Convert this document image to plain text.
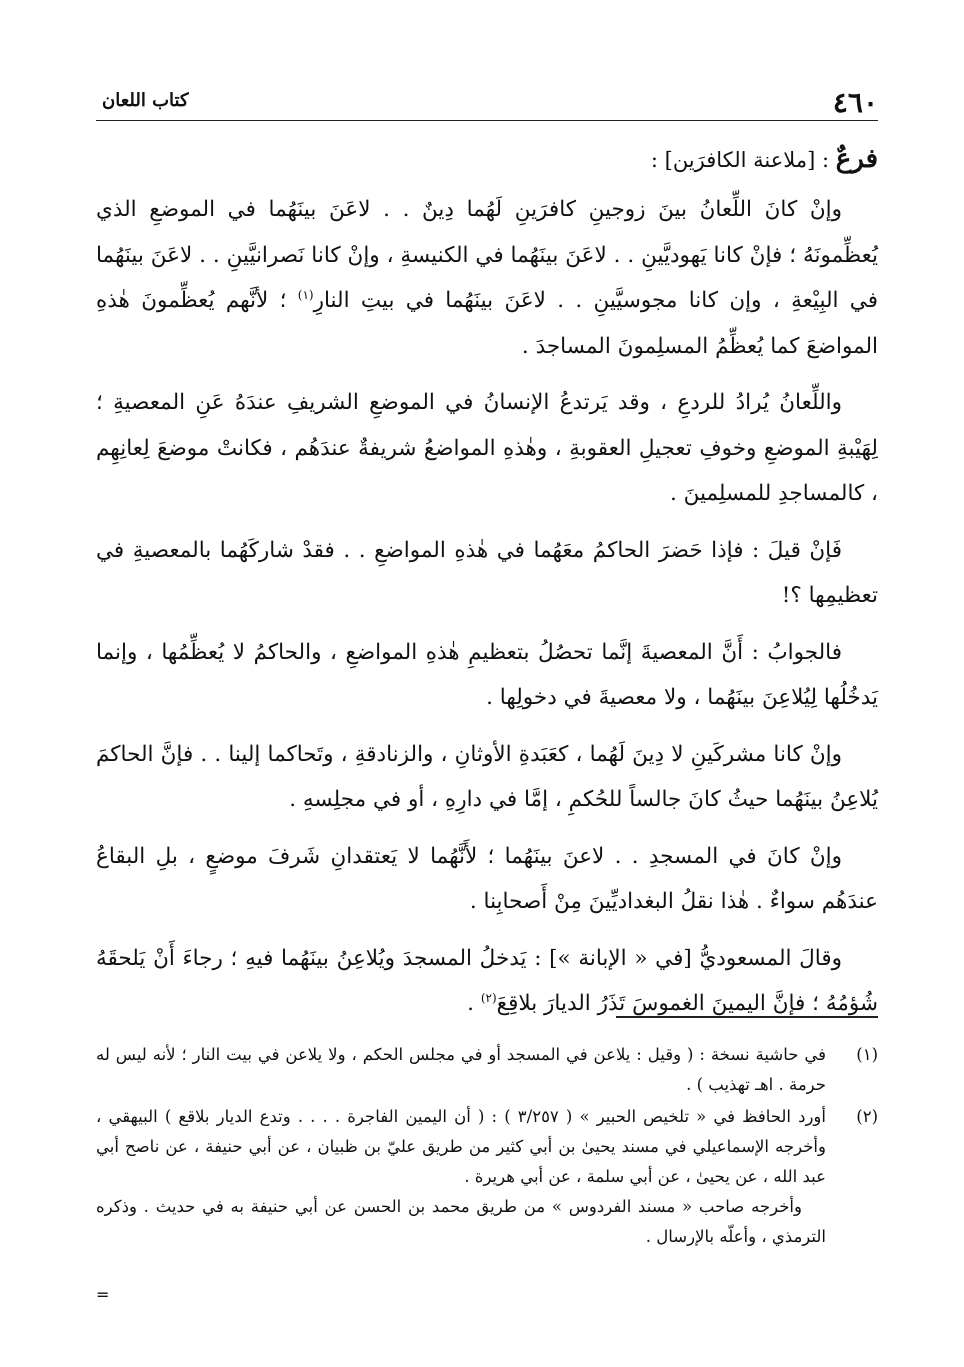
٤٦٠
كتاب اللعان

فرعٌ : [ملاعنة الكافرَين] :

وإنْ كانَ اللِّعانُ بينَ زوجينِ كافرَينِ لَهُما دِينٌ . . لاعَنَ بينَهُما في الموضعِ الذي يُعظِّمونَهُ ؛ فإنْ كانا يَهوديَّينِ . . لاعَنَ بينَهُما في الكنيسةِ ، وإنْ كانا نَصرانيَّينِ . . لاعَنَ بينَهُما في البِيْعةِ ، وإن كانا مجوسيَّينِ . . لاعَنَ بينَهُما في بيتِ النارِ$^{(١)}$ ؛ لأنَّهم يُعظِّمونَ هٰذهِ المواضعَ كما يُعظِّمُ المسلِمونَ المساجدَ .

واللِّعانُ يُرادُ للردعِ ، وقد يَرتدعُ الإنسانُ في الموضعِ الشريفِ عندَهُ عَنِ المعصيةِ ؛ لِهَيْبةِ الموضعِ وخوفِ تعجيلِ العقوبةِ ، وهٰذهِ المواضعُ شريفةٌ عندَهُم ، فكانتْ موضعَ لِعانِهِم ، كالمساجدِ للمسلِمينَ .

فَإنْ قيلَ : فإذا حَضرَ الحاكمُ معَهُما في هٰذهِ المواضعِ . . فقدْ شاركَهُما بالمعصيةِ في تعظيمِها ؟!

فالجوابُ : أَنَّ المعصيةَ إنَّما تحصُلُ بتعظيمِ هٰذهِ المواضعِ ، والحاكمُ لا يُعظِّمُها ، وإنما يَدخُلُها لِيُلاعِنَ بينَهُما ، ولا معصيةَ في دخولِها .

وإنْ كانا مشركَينِ لا دِينَ لَهُما ، كعَبَدةِ الأوثانِ ، والزنادقةِ ، وتَحاكما إلينا . . فإنَّ الحاكمَ يُلاعِنُ بينَهُما حيثُ كانَ جالساً للحُكمِ ، إمَّا في دارِهِ ، أو في مجلِسهِ .

وإنْ كانَ في المسجدِ . . لاعنَ بينَهُما ؛ لأَنَّهُما لا يَعتقدانِ شَرفَ موضعٍ ، بلِ البقاعُ عندَهُم سواءٌ . هٰذا نقلُ البغداديِّينَ مِنْ أَصحابِنا .

وقالَ المسعوديُّ [في « الإبانة »] : يَدخلُ المسجدَ ويُلاعِنُ بينَهُما فيهِ ؛ رجاءَ أَنْ يَلحقَهُ شُؤمُهُ ؛ فإنَّ اليمينَ الغموسَ تَذَرُ الديارَ بلاقِعَ$^{(٢)}$ .

(١)

في حاشية نسخة : ( وقيل : يلاعن في المسجد أو في مجلس الحكم ، ولا يلاعن في بيت النار ؛ لأنه ليس له حرمة . اهـ تهذيب ) .

(٢)

أورد الحافظ في « تلخيص الحبير » ( ٣/٢٥٧ ) : ( أن اليمين الفاجرة . . . . وتدع الديار بلاقع ) البيهقي ، وأخرجه الإسماعيلي في مسند يحيىٰ بن أبي كثير من طريق عليّ بن ظبيان ، عن أبي حنيفة ، عن ناصح أبي عبد الله ، عن يحيىٰ ، عن أبي سلمة ، عن أبي هريرة .

وأخرجه صاحب « مسند الفردوس » من طريق محمد بن الحسن عن أبي حنيفة به في حديث . وذكره الترمذي ، وأعلّه بالإرسال .

=
